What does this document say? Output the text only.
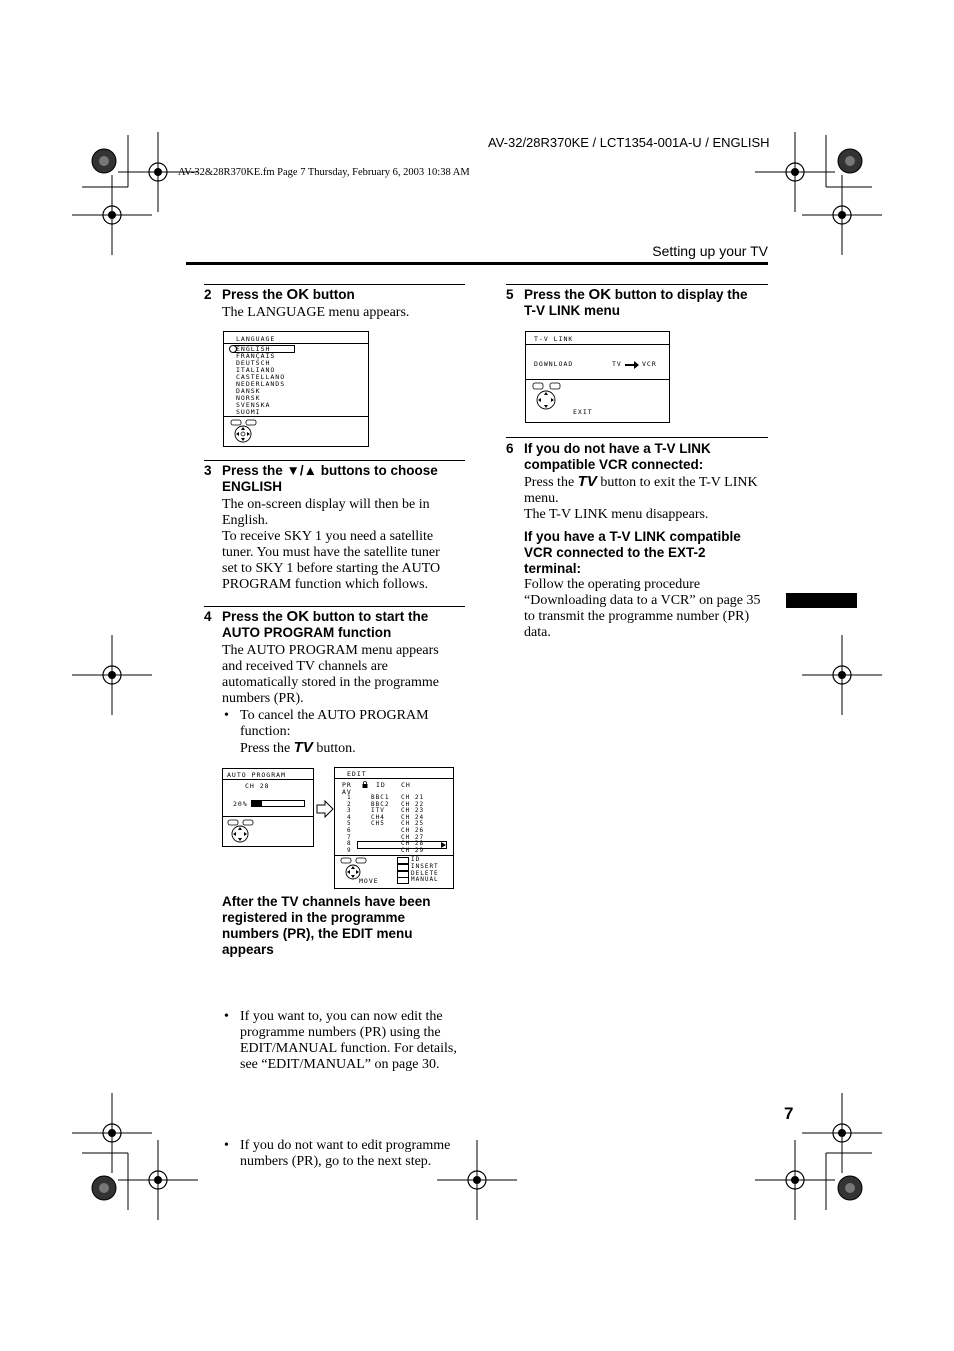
AV-32/28R370KE / LCT1354-001A-U / ENGLISH
AV-32&28R370KE.fm Page 7 Thursday, February 6, 2003 10:38 AM
Setting up your TV
2 Press the OK button
The LANGUAGE menu appears.
LANGUAGE
ENGLISH
FRANÇAIS
DEUTSCH
ITALIANO
CASTELLANO
NEDERLANDS
DANSK
NORSK
SVENSKA
SUOMI
3 Press the ▼/▲ buttons to choose
ENGLISH
The on-screen display will then be in
English.
To receive SKY 1 you need a satellite
tuner. You must have the satellite tuner
set to SKY 1 before starting the AUTO
PROGRAM function which follows.
4 Press the OK button to start the
AUTO PROGRAM function
The AUTO PROGRAM menu appears
and received TV channels are
automatically stored in the programme
numbers (PR).
• To cancel the AUTO PROGRAM
function:
Press the TV button.
AUTO PROGRAM
CH 28
20%
EDIT
PR
AV
ID CH
1	BBC1 CH 21
2	BBC2 CH 22
3	ITV	CH 23
4	CH4	CH 24
5	CH5	CH 25
6	CH 26
7	CH 27
8	CH 28
9	CH 29
MOVE
ID
INSERT
DELETE
MANUAL
After the TV channels have been
registered in the programme
numbers (PR), the EDIT menu
appears
• If you want to, you can now edit the
programme numbers (PR) using the
EDIT/MANUAL function. For details,
see “EDIT/MANUAL” on page 30.
• If you do not want to edit programme
numbers (PR), go to the next step.
5 Press the OK button to display the
T-V LINK menu
T-V LINK
DOWNLOAD	TV	VCR
EXIT
6 If you do not have a T-V LINK
compatible VCR connected:
Press the TV button to exit the T-V LINK
menu.
The T-V LINK menu disappears.
If you have a T-V LINK compatible
VCR connected to the EXT-2
terminal:
Follow the operating procedure
“Downloading data to a VCR” on page 35
to transmit the programme number (PR)
data.
7
